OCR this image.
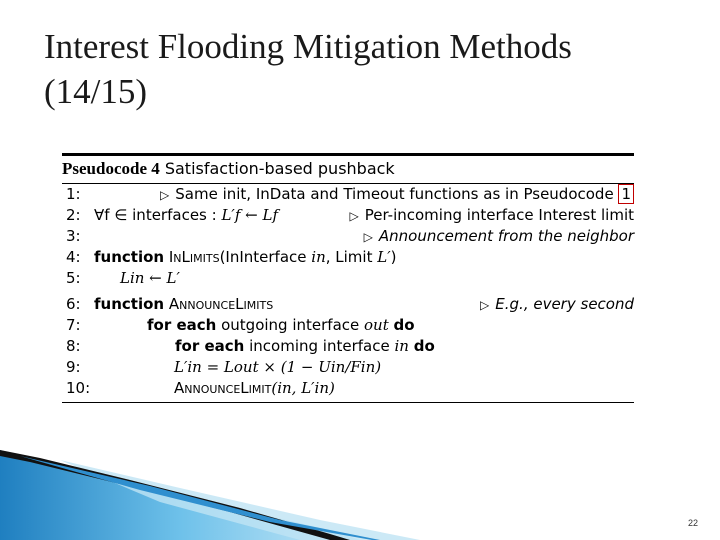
Interest Flooding Mitigation Methods
(14/15)
Pseudocode 4 Satisfaction-based pushback
1:	▷ Same init, InData and Timeout functions as in Pseudocode 1
2: ∀f ∈ interfaces : L′f ← Lf	▷ Per-incoming interface Interest limit
3:	▷ Announcement from the neighbor
4: function InLimits(InInterface in, Limit L′)
5:	Lin ← L′
6: function AnnounceLimits	▷ E.g., every second
7:	for each outgoing interface out do
8:	for each incoming interface in do
9:	L′in = Lout × (1 − Uin/Fin)
10:	AnnounceLimit(in, L′in)
22
